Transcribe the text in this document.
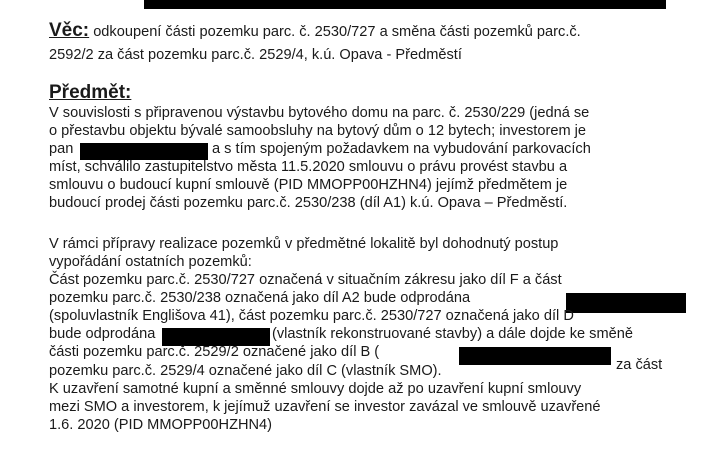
Věc: odkoupení části pozemku parc. č. 2530/727 a směna části pozemků parc.č.
2592/2 za část pozemku parc.č. 2529/4, k.ú. Opava - Předměstí
Předmět:
V souvislosti s připravenou výstavbu bytového domu na parc. č. 2530/229 (jedná se
o přestavbu objektu bývalé samoobsluhy na bytový dům o 12 bytech; investorem je
pan	a s tím spojeným požadavkem na vybudování parkovacích
míst, schválilo zastupitelstvo města 11.5.2020 smlouvu o právu provést stavbu a
smlouvu o budoucí kupní smlouvě (PID MMOPP00HZHN4) jejímž předmětem je
budoucí prodej části pozemku parc.č. 2530/238 (díl A1) k.ú. Opava – Předměstí.
V rámci přípravy realizace pozemků v předmětné lokalitě byl dohodnutý postup
vypořádání ostatních pozemků:
Část pozemku parc.č. 2530/727 označená v situačním zákresu jako díl F a část
pozemku parc.č. 2530/238 označená jako díl A2 bude odprodána
(spoluvlastník Englišova 41), část pozemku parc.č. 2530/727 označená jako díl D
bude odprodána	(vlastník rekonstruované stavby) a dále dojde ke směně
části pozemku parc.č. 2529/2 označené jako díl B (
za část
pozemku parc.č. 2529/4 označené jako díl C (vlastník SMO).
K uzavření samotné kupní a směnné smlouvy dojde až po uzavření kupní smlouvy
mezi SMO a investorem, k jejímuž uzavření se investor zavázal ve smlouvě uzavřené
1.6. 2020 (PID MMOPP00HZHN4)
